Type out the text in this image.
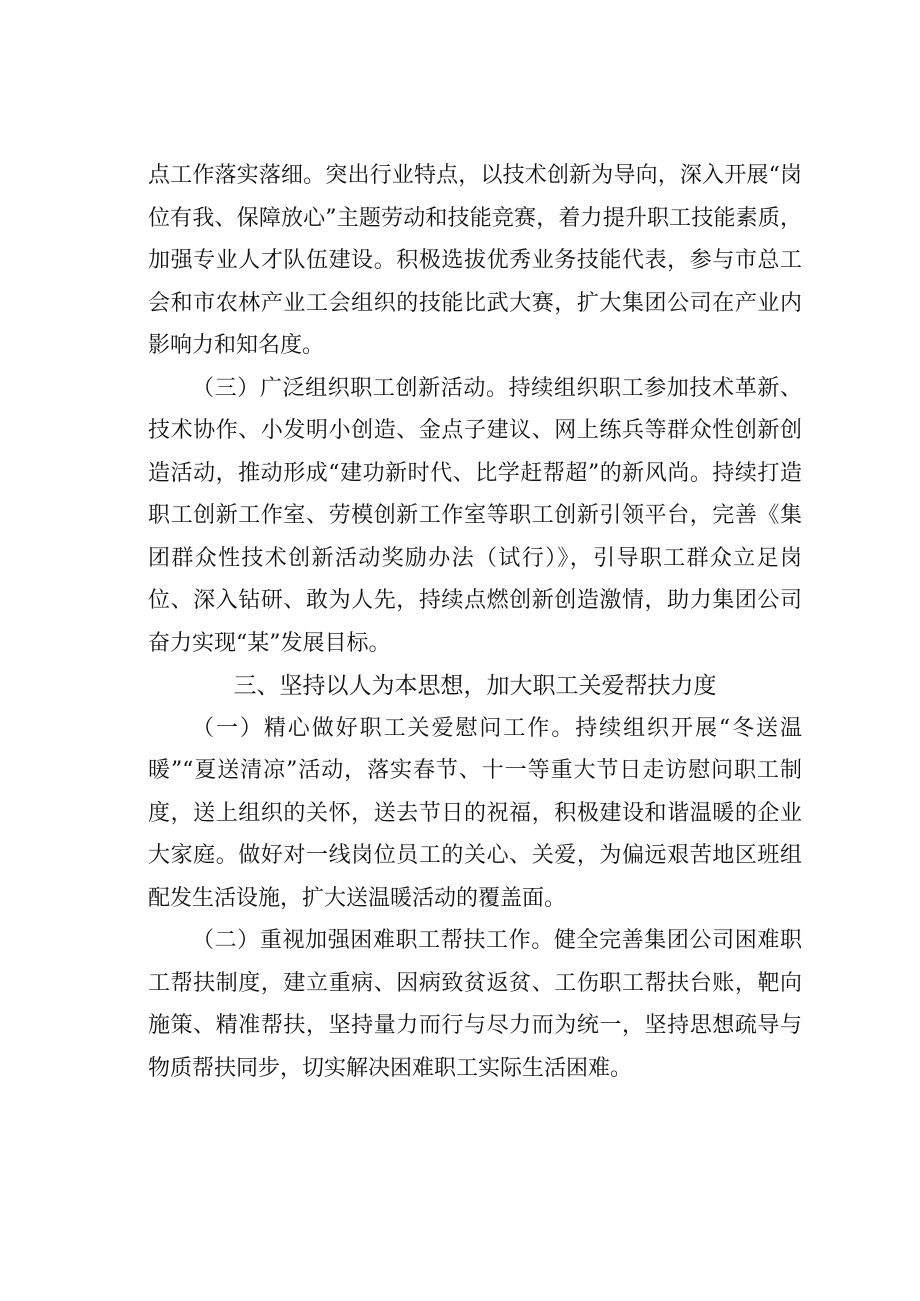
点工作落实落细。突出行业特点，以技术创新为导向，深入开展“岗位有我、保障放心”主题劳动和技能竞赛，着力提升职工技能素质，加强专业人才队伍建设。积极选拔优秀业务技能代表，参与市总工会和市农林产业工会组织的技能比武大赛，扩大集团公司在产业内影响力和知名度。

（三）广泛组织职工创新活动。持续组织职工参加技术革新、技术协作、小发明小创造、金点子建议、网上练兵等群众性创新创造活动，推动形成“建功新时代、比学赶帮超”的新风尚。持续打造职工创新工作室、劳模创新工作室等职工创新引领平台，完善《集团群众性技术创新活动奖励办法（试行）》，引导职工群众立足岗位、深入钻研、敢为人先，持续点燃创新创造激情，助力集团公司奋力实现“某”发展目标。

三、坚持以人为本思想，加大职工关爱帮扶力度

（一）精心做好职工关爱慰问工作。持续组织开展“冬送温暖”“夏送清凉”活动，落实春节、十一等重大节日走访慰问职工制度，送上组织的关怀，送去节日的祝福，积极建设和谐温暖的企业大家庭。做好对一线岗位员工的关心、关爱，为偏远艰苦地区班组配发生活设施，扩大送温暖活动的覆盖面。

（二）重视加强困难职工帮扶工作。健全完善集团公司困难职工帮扶制度，建立重病、因病致贫返贫、工伤职工帮扶台账，靶向施策、精准帮扶，坚持量力而行与尽力而为统一，坚持思想疏导与物质帮扶同步，切实解决困难职工实际生活困难。
